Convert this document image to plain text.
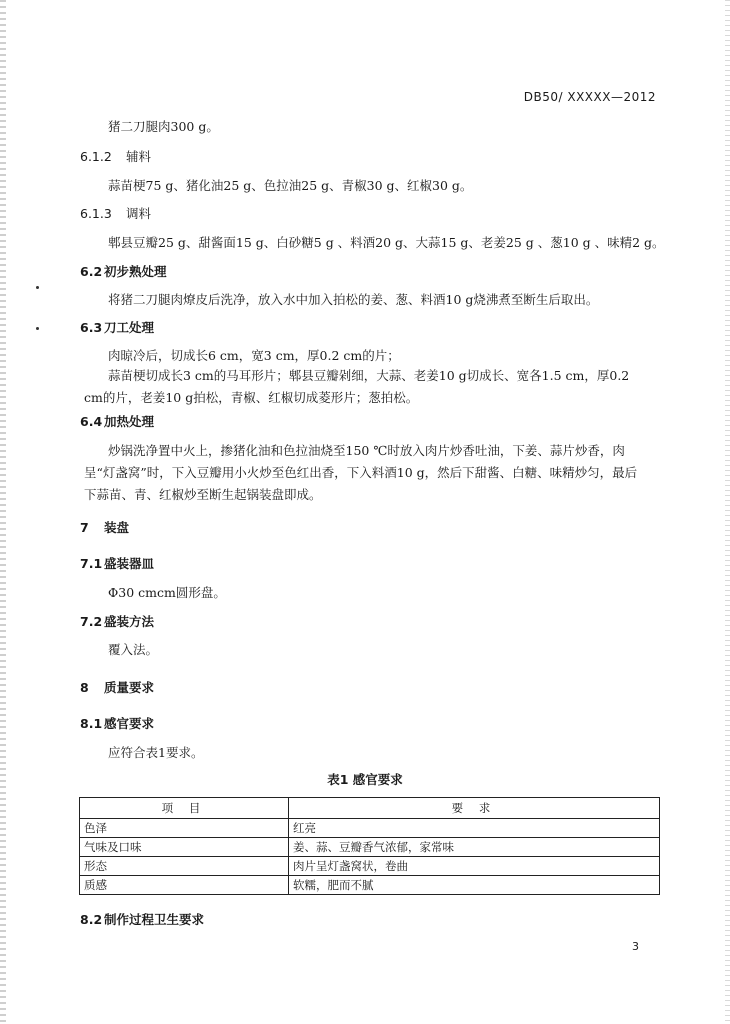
DB50/ XXXXX—2012
猪二刀腿肉300 g。
6.1.2 辅料
蒜苗梗75 g、猪化油25 g、色拉油25 g、青椒30 g、红椒30 g。
6.1.3 调料
郫县豆瓣25 g、甜酱面15 g、白砂糖5 g 、料酒20 g、大蒜15 g、老姜25 g 、葱10 g 、味精2 g。
6.2 初步熟处理
将猪二刀腿肉燎皮后洗净，放入水中加入拍松的姜、葱、料酒10 g烧沸煮至断生后取出。
6.3 刀工处理
肉晾冷后，切成长6 cm，宽3 cm，厚0.2 cm的片；
蒜苗梗切成长3 cm的马耳形片；郫县豆瓣剁细，大蒜、老姜10 g切成长、宽各1.5 cm，厚0.2 cm的片，老姜10 g拍松，青椒、红椒切成菱形片；葱拍松。
6.4 加热处理
炒锅洗净置中火上，掺猪化油和色拉油烧至150 ℃时放入肉片炒香吐油，下姜、蒜片炒香，肉呈“灯盏窝”时，下入豆瓣用小火炒至色红出香，下入料酒10 g，然后下甜酱、白糖、味精炒匀，最后下蒜苗、青、红椒炒至断生起锅装盘即成。
7 装盘
7.1 盛装器皿
Φ30 cmcm圆形盘。
7.2 盛装方法
覆入法。
8 质量要求
8.1 感官要求
应符合表1要求。
表1 感官要求
项 目	要 求
色泽	红亮
气味及口味	姜、蒜、豆瓣香气浓郁，家常味
形态	肉片呈灯盏窝状，卷曲
质感	软糯，肥而不腻
8.2 制作过程卫生要求
3
